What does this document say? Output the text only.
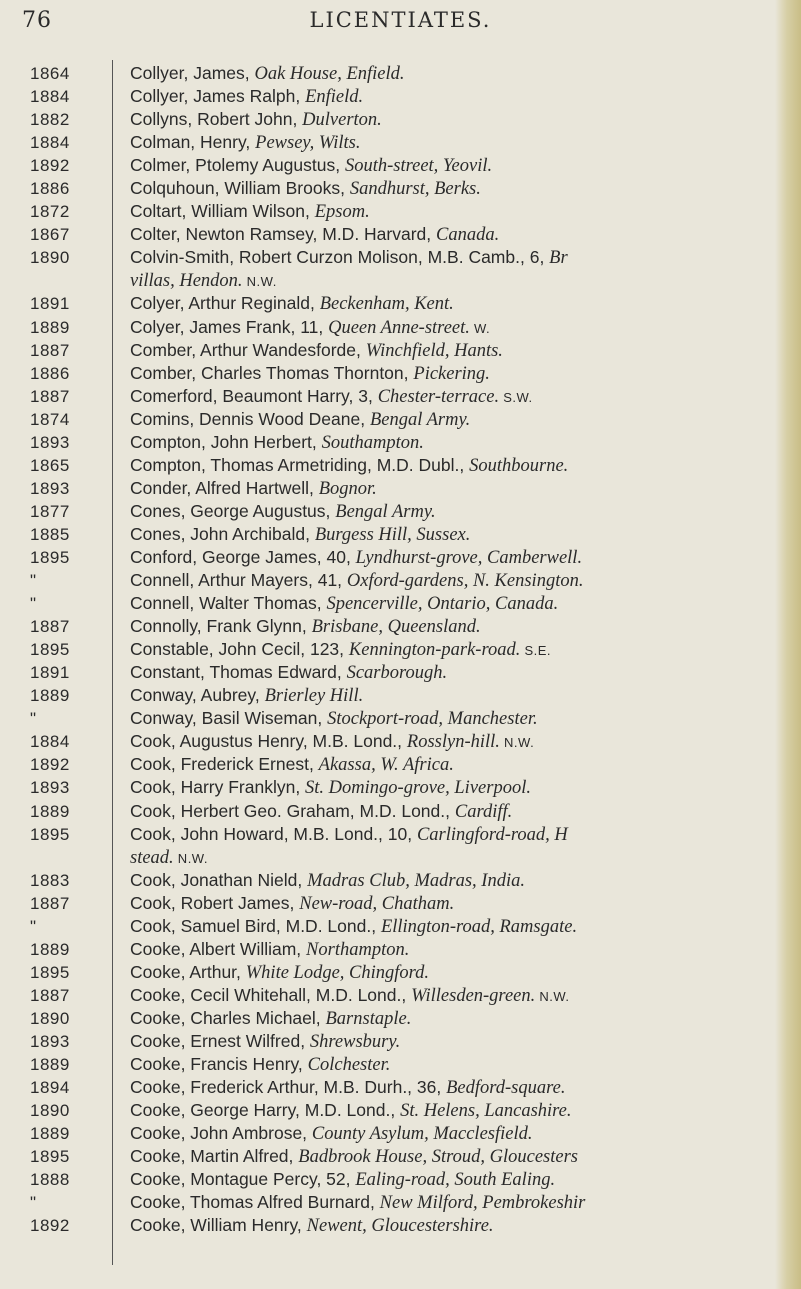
76	LICENTIATES.
1864	Collyer, James, Oak House, Enfield.
1884	Collyer, James Ralph, Enfield.
1882	Collyns, Robert John, Dulverton.
1884	Colman, Henry, Pewsey, Wilts.
1892	Colmer, Ptolemy Augustus, South-street, Yeovil.
1886	Colquhoun, William Brooks, Sandhurst, Berks.
1872	Coltart, William Wilson, Epsom.
1867	Colter, Newton Ramsey, M.D. Harvard, Canada.
1890	Colvin-Smith, Robert Curzon Molison, M.B. Camb., 6, Br
villas, Hendon. N.W.
1891	Colyer, Arthur Reginald, Beckenham, Kent.
1889	Colyer, James Frank, 11, Queen Anne-street. W.
1887	Comber, Arthur Wandesforde, Winchfield, Hants.
1886	Comber, Charles Thomas Thornton, Pickering.
1887	Comerford, Beaumont Harry, 3, Chester-terrace. S.W.
1874	Comins, Dennis Wood Deane, Bengal Army.
1893	Compton, John Herbert, Southampton.
1865	Compton, Thomas Armetriding, M.D. Dubl., Southbourne.
1893	Conder, Alfred Hartwell, Bognor.
1877	Cones, George Augustus, Bengal Army.
1885	Cones, John Archibald, Burgess Hill, Sussex.
1895	Conford, George James, 40, Lyndhurst-grove, Camberwell.
"	Connell, Arthur Mayers, 41, Oxford-gardens, N. Kensington.
"	Connell, Walter Thomas, Spencerville, Ontario, Canada.
1887	Connolly, Frank Glynn, Brisbane, Queensland.
1895	Constable, John Cecil, 123, Kennington-park-road. S.E.
1891	Constant, Thomas Edward, Scarborough.
1889	Conway, Aubrey, Brierley Hill.
"	Conway, Basil Wiseman, Stockport-road, Manchester.
1884	Cook, Augustus Henry, M.B. Lond., Rosslyn-hill. N.W.
1892	Cook, Frederick Ernest, Akassa, W. Africa.
1893	Cook, Harry Franklyn, St. Domingo-grove, Liverpool.
1889	Cook, Herbert Geo. Graham, M.D. Lond., Cardiff.
1895	Cook, John Howard, M.B. Lond., 10, Carlingford-road, H
stead. N.W.
1883	Cook, Jonathan Nield, Madras Club, Madras, India.
1887	Cook, Robert James, New-road, Chatham.
"	Cook, Samuel Bird, M.D. Lond., Ellington-road, Ramsgate.
1889	Cooke, Albert William, Northampton.
1895	Cooke, Arthur, White Lodge, Chingford.
1887	Cooke, Cecil Whitehall, M.D. Lond., Willesden-green. N.W.
1890	Cooke, Charles Michael, Barnstaple.
1893	Cooke, Ernest Wilfred, Shrewsbury.
1889	Cooke, Francis Henry, Colchester.
1894	Cooke, Frederick Arthur, M.B. Durh., 36, Bedford-square.
1890	Cooke, George Harry, M.D. Lond., St. Helens, Lancashire.
1889	Cooke, John Ambrose, County Asylum, Macclesfield.
1895	Cooke, Martin Alfred, Badbrook House, Stroud, Gloucesters
1888	Cooke, Montague Percy, 52, Ealing-road, South Ealing.
"	Cooke, Thomas Alfred Burnard, New Milford, Pembrokeshir
1892	Cooke, William Henry, Newent, Gloucestershire.
